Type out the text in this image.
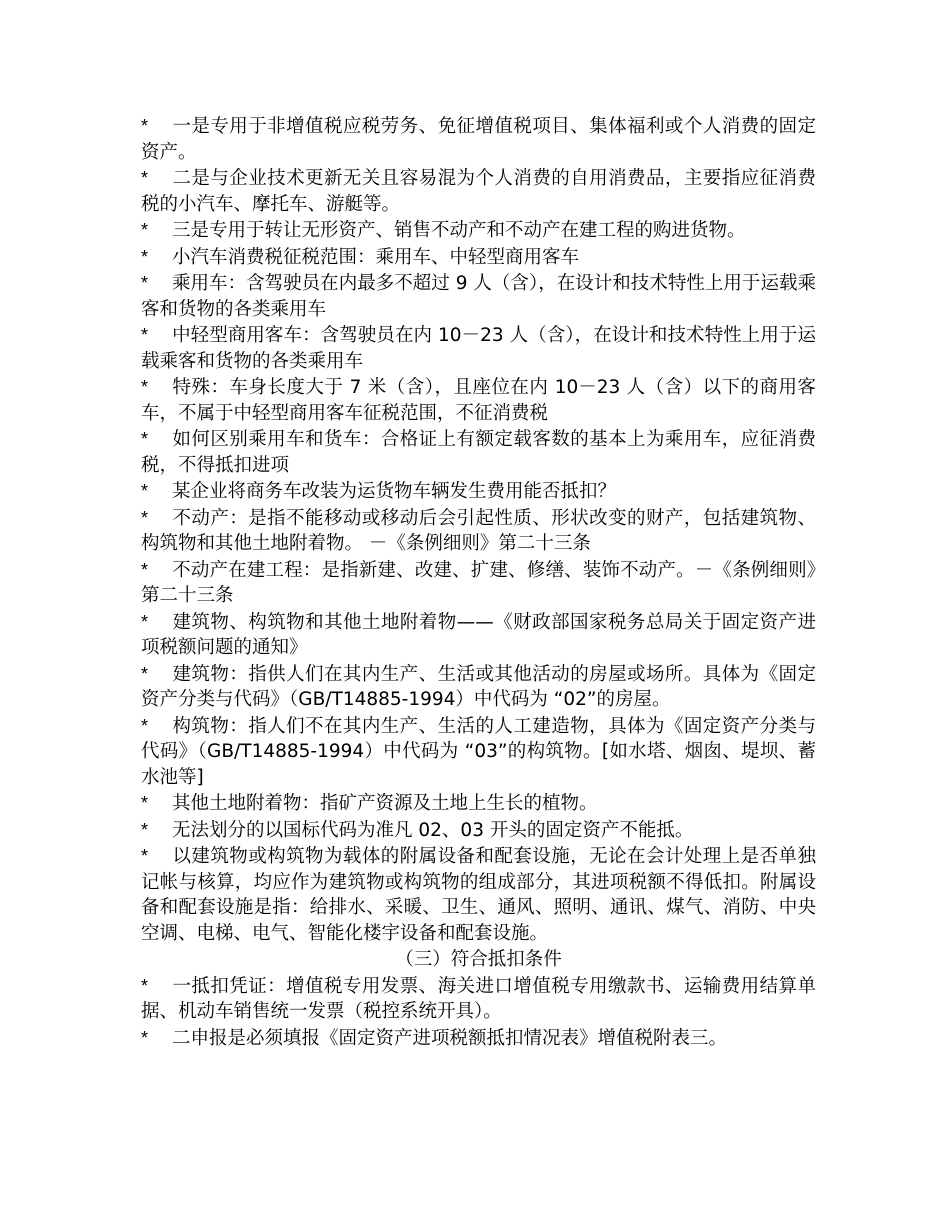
* 一是专用于非增值税应税劳务、免征增值税项目、集体福利或个人消费的固定资产。
* 二是与企业技术更新无关且容易混为个人消费的自用消费品，主要指应征消费税的小汽车、摩托车、游艇等。
* 三是专用于转让无形资产、销售不动产和不动产在建工程的购进货物。
* 小汽车消费税征税范围：乘用车、中轻型商用客车
* 乘用车：含驾驶员在内最多不超过 9 人（含），在设计和技术特性上用于运载乘客和货物的各类乘用车
* 中轻型商用客车：含驾驶员在内 10－23 人（含），在设计和技术特性上用于运载乘客和货物的各类乘用车
* 特殊：车身长度大于 7 米（含），且座位在内 10－23 人（含）以下的商用客车，不属于中轻型商用客车征税范围，不征消费税
* 如何区别乘用车和货车：合格证上有额定载客数的基本上为乘用车，应征消费税，不得抵扣进项
* 某企业将商务车改装为运货物车辆发生费用能否抵扣？
* 不动产：是指不能移动或移动后会引起性质、形状改变的财产，包括建筑物、构筑物和其他土地附着物。 －《条例细则》第二十三条
* 不动产在建工程：是指新建、改建、扩建、修缮、装饰不动产。－《条例细则》第二十三条
* 建筑物、构筑物和其他土地附着物——《财政部国家税务总局关于固定资产进项税额问题的通知》
* 建筑物：指供人们在其内生产、生活或其他活动的房屋或场所。具体为《固定资产分类与代码》（GB/T14885-1994）中代码为 “02”的房屋。
* 构筑物：指人们不在其内生产、生活的人工建造物，具体为《固定资产分类与代码》（GB/T14885-1994）中代码为 “03”的构筑物。[如水塔、烟囱、堤坝、蓄水池等]
* 其他土地附着物：指矿产资源及土地上生长的植物。
* 无法划分的以国标代码为准凡 02、03 开头的固定资产不能抵。
* 以建筑物或构筑物为载体的附属设备和配套设施，无论在会计处理上是否单独记帐与核算，均应作为建筑物或构筑物的组成部分，其进项税额不得低扣。附属设备和配套设施是指：给排水、采暖、卫生、通风、照明、通讯、煤气、消防、中央空调、电梯、电气、智能化楼宇设备和配套设施。
（三）符合抵扣条件
* 一抵扣凭证：增值税专用发票、海关进口增值税专用缴款书、运输费用结算单据、机动车销售统一发票（税控系统开具）。
* 二申报是必须填报《固定资产进项税额抵扣情况表》增值税附表三。
